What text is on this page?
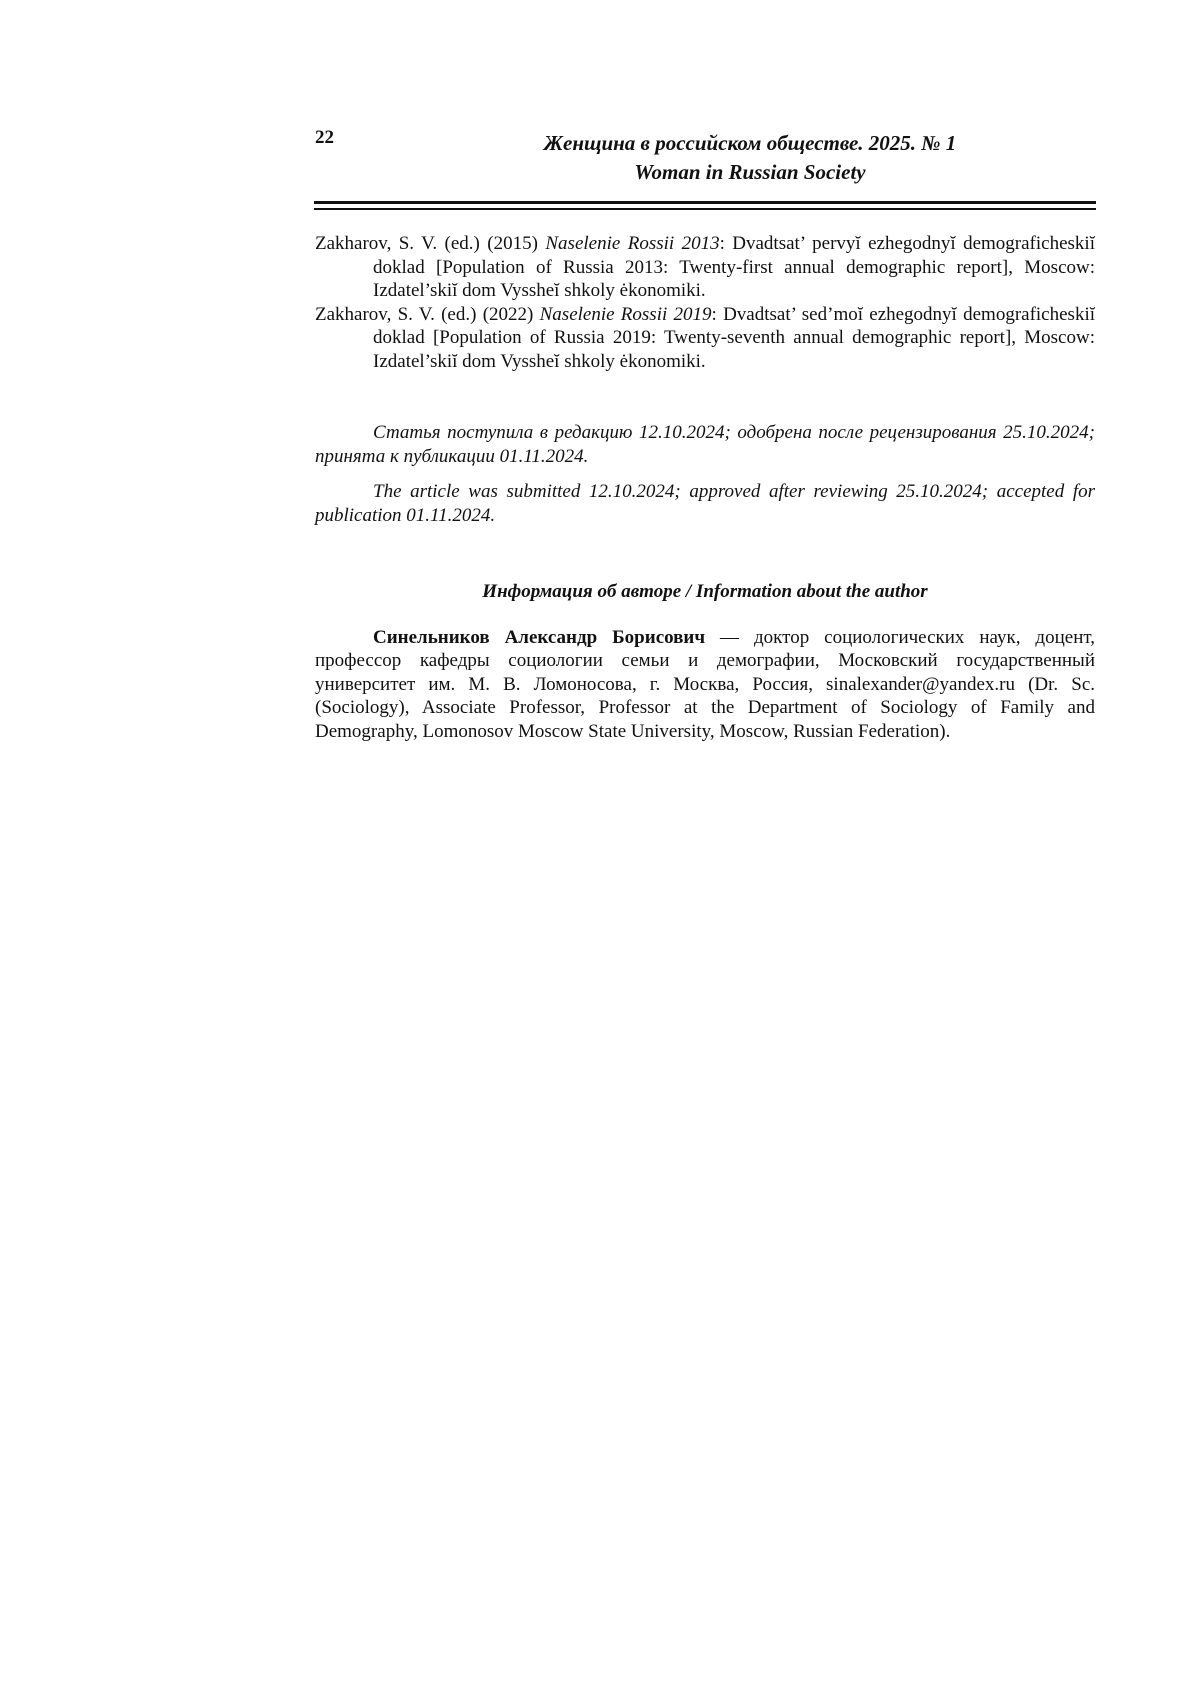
22	Женщина в российском обществе. 2025. № 1
Woman in Russian Society

Zakharov, S. V. (ed.) (2015) Naselenie Rossii 2013: Dvadtsat’ pervyĭ ezhegodnyĭ demograficheskiĭ doklad [Population of Russia 2013: Twenty-first annual demographic report], Moscow: Izdatel’skiĭ dom Vyssheĭ shkoly ėkonomiki.

Zakharov, S. V. (ed.) (2022) Naselenie Rossii 2019: Dvadtsat’ sed’moĭ ezhegodnyĭ demograficheskiĭ doklad [Population of Russia 2019: Twenty-seventh annual demographic report], Moscow: Izdatel’skiĭ dom Vyssheĭ shkoly ėkonomiki.

Статья поступила в редакцию 12.10.2024; одобрена после рецензирования 25.10.2024; принята к публикации 01.11.2024.

The article was submitted 12.10.2024; approved after reviewing 25.10.2024; accepted for publication 01.11.2024.

Информация об авторе / Information about the author

Синельников Александр Борисович — доктор социологических наук, доцент, профессор кафедры социологии семьи и демографии, Московский государственный университет им. М. В. Ломоносова, г. Москва, Россия, sinalexander@yandex.ru (Dr. Sc. (Sociology), Associate Professor, Professor at the Department of Sociology of Family and Demography, Lomonosov Moscow State University, Moscow, Russian Federation).
